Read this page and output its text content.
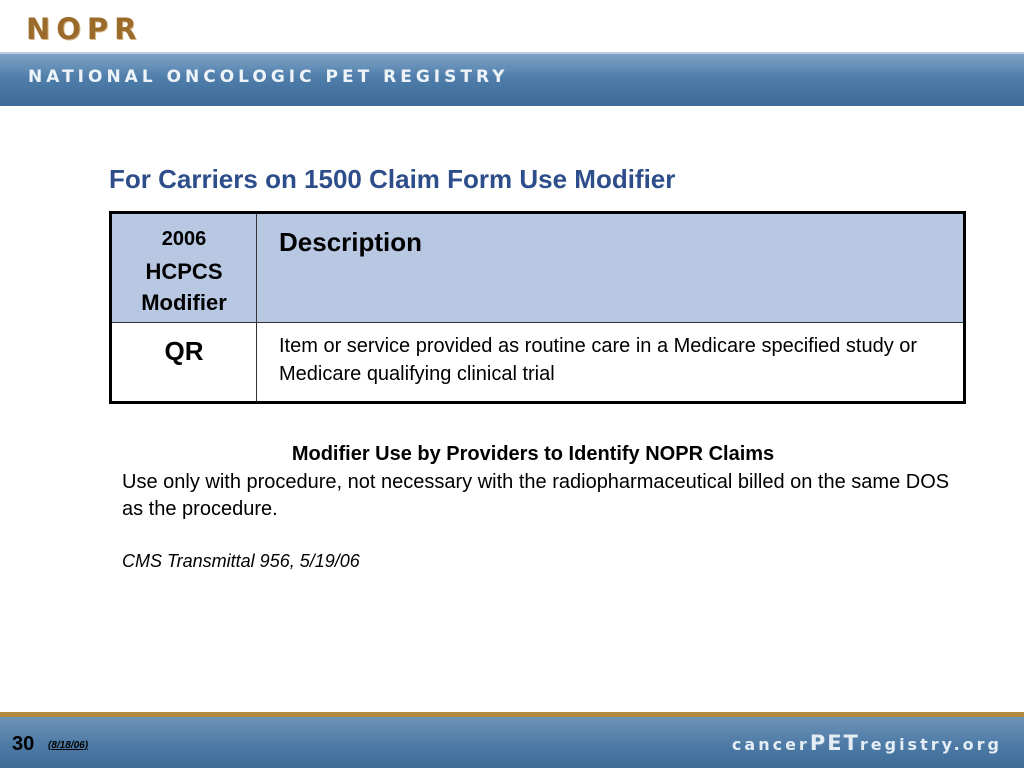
NOPR
NATIONAL ONCOLOGIC PET REGISTRY
For Carriers on 1500 Claim Form Use Modifier
2006
HCPCS Modifier	Description

QR	Item or service provided as routine care in a Medicare specified study or Medicare qualifying clinical trial
Modifier Use by Providers to Identify NOPR Claims
Use only with procedure, not necessary with the radiopharmaceutical billed on the same DOS as the procedure.
CMS Transmittal 956, 5/19/06
30 (8/18/06)	cancerPETregistry.org
